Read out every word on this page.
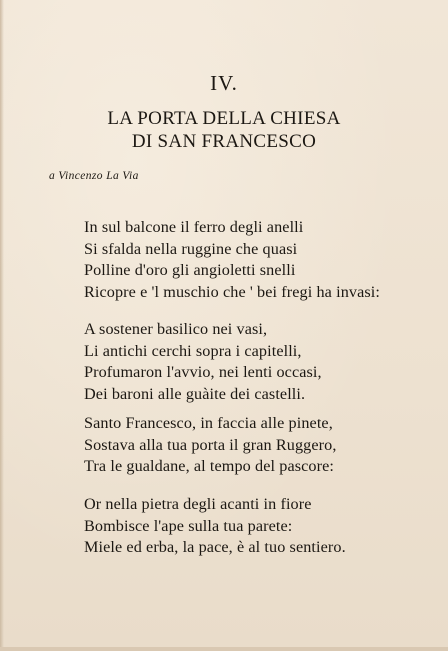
IV.
LA PORTA DELLA CHIESA
DI SAN FRANCESCO
a Vincenzo La Via
In sul balcone il ferro degli anelli
Si sfalda nella ruggine che quasi
Polline d'oro gli angioletti snelli
Ricopre e 'l muschio che ' bei fregi ha invasi:
A sostener basilico nei vasi,
Li antichi cerchi sopra i capitelli,
Profumaron l'avvio, nei lenti occasi,
Dei baroni alle guàite dei castelli.
Santo Francesco, in faccia alle pinete,
Sostava alla tua porta il gran Ruggero,
Tra le gualdane, al tempo del pascore:
Or nella pietra degli acanti in fiore
Bombisce l'ape sulla tua parete:
Miele ed erba, la pace, è al tuo sentiero.
